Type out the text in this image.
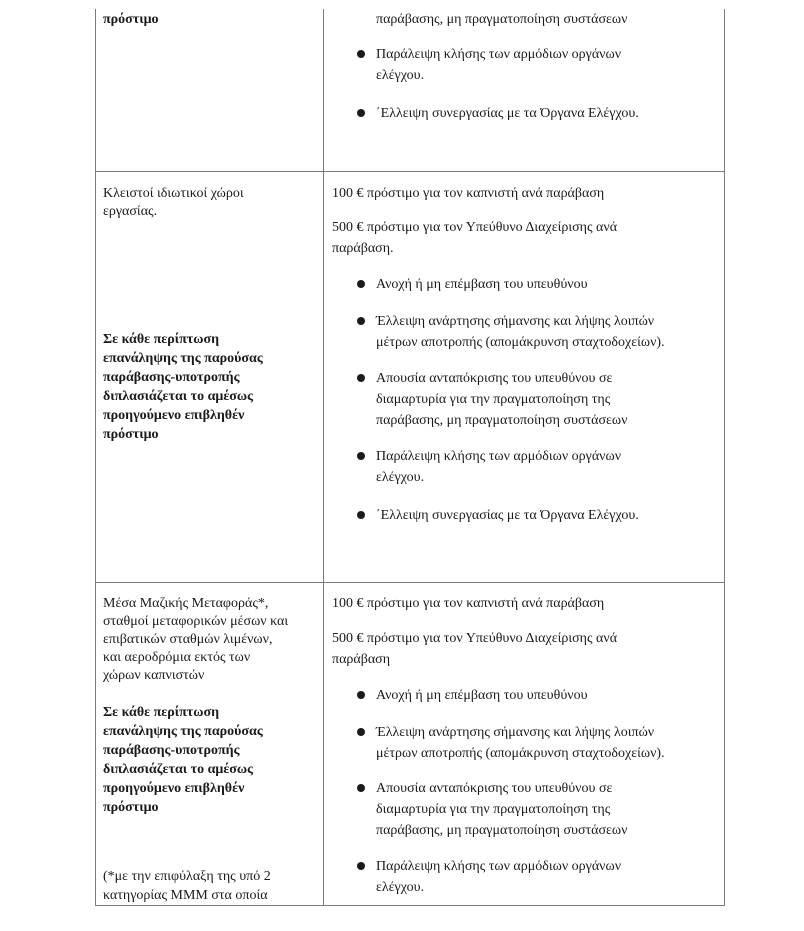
πρόστιμο	παράβασης, μη πραγματοποίηση συστάσεων
Παράλειψη κλήσης των αρμόδιων οργάνων
ελέγχου.
΄Ελλειψη συνεργασίας με τα Όργανα Ελέγχου.
Κλειστοί ιδιωτικοί χώροι
εργασίας.
Σε κάθε περίπτωση
επανάληψης της παρούσας
παράβασης-υποτροπής
διπλασιάζεται το αμέσως
προηγούμενο επιβληθέν
πρόστιμο
100 € πρόστιμο για τον καπνιστή ανά παράβαση
500 € πρόστιμο για τον Υπεύθυνο Διαχείρισης ανά
παράβαση.
Ανοχή ή μη επέμβαση του υπευθύνου
Έλλειψη ανάρτησης σήμανσης και λήψης λοιπών
μέτρων αποτροπής (απομάκρυνση σταχτοδοχείων).
Απουσία ανταπόκρισης του υπευθύνου σε
διαμαρτυρία για την πραγματοποίηση της
παράβασης, μη πραγματοποίηση συστάσεων
Παράλειψη κλήσης των αρμόδιων οργάνων
ελέγχου.
΄Ελλειψη συνεργασίας με τα Όργανα Ελέγχου.
Μέσα Μαζικής Μεταφοράς*,
σταθμοί μεταφορικών μέσων και
επιβατικών σταθμών λιμένων,
και αεροδρόμια εκτός των
χώρων καπνιστών
Σε κάθε περίπτωση
επανάληψης της παρούσας
παράβασης-υποτροπής
διπλασιάζεται το αμέσως
προηγούμενο επιβληθέν
πρόστιμο
(*με την επιφύλαξη της υπό 2
κατηγορίας ΜΜΜ στα οποία
100 € πρόστιμο για τον καπνιστή ανά παράβαση
500 € πρόστιμο για τον Υπεύθυνο Διαχείρισης ανά
παράβαση
Ανοχή ή μη επέμβαση του υπευθύνου
Έλλειψη ανάρτησης σήμανσης και λήψης λοιπών
μέτρων αποτροπής (απομάκρυνση σταχτοδοχείων).
Απουσία ανταπόκρισης του υπευθύνου σε
διαμαρτυρία για την πραγματοποίηση της
παράβασης, μη πραγματοποίηση συστάσεων
Παράλειψη κλήσης των αρμόδιων οργάνων
ελέγχου.
